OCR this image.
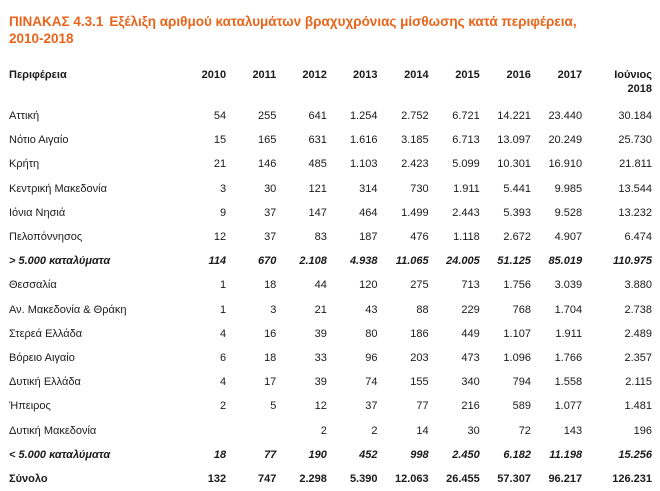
ΠΙΝΑΚΑΣ 4.3.1 Εξέλιξη αριθμού καταλυμάτων βραχυχρόνιας μίσθωσης κατά περιφέρεια,
2010-2018
Περιφέρεια	2010	2011	2012	2013	2014	2015	2016	2017	Ιούνιος
2018
Αττική	54	255	641	1.254	2.752	6.721	14.221	23.440	30.184
Νότιο Αιγαίο	15	165	631	1.616	3.185	6.713	13.097	20.249	25.730
Κρήτη	21	146	485	1.103	2.423	5.099	10.301	16.910	21.811
Κεντρική Μακεδονία	3	30	121	314	730	1.911	5.441	9.985	13.544
Ιόνια Νησιά	9	37	147	464	1.499	2.443	5.393	9.528	13.232
Πελοπόννησος	12	37	83	187	476	1.118	2.672	4.907	6.474
> 5.000 καταλύματα	114	670	2.108	4.938	11.065	24.005	51.125	85.019	110.975
Θεσσαλία	1	18	44	120	275	713	1.756	3.039	3.880
Αν. Μακεδονία & Θράκη	1	3	21	43	88	229	768	1.704	2.738
Στερεά Ελλάδα	4	16	39	80	186	449	1.107	1.911	2.489
Βόρειο Αιγαίο	6	18	33	96	203	473	1.096	1.766	2.357
Δυτική Ελλάδα	4	17	39	74	155	340	794	1.558	2.115
Ήπειρος	2	5	12	37	77	216	589	1.077	1.481
Δυτική Μακεδονία			2	2	14	30	72	143	196
< 5.000 καταλύματα	18	77	190	452	998	2.450	6.182	11.198	15.256
Σύνολο	132	747	2.298	5.390	12.063	26.455	57.307	96.217	126.231
